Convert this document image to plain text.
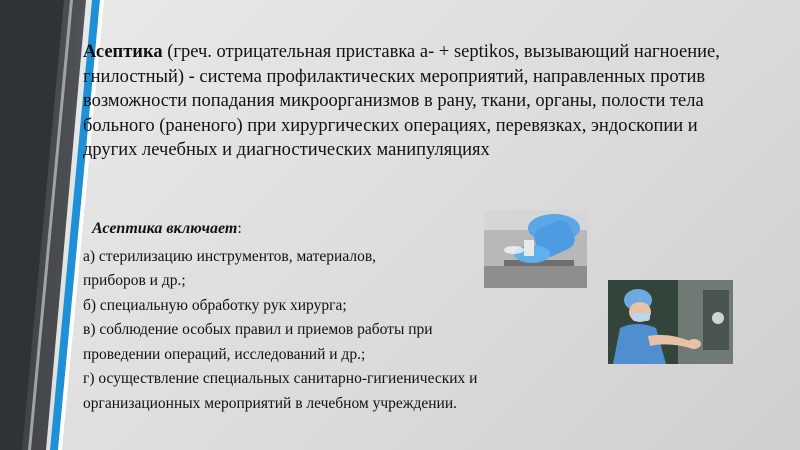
Асептика (греч. отрицательная приставка a- + septikos, вызывающий нагноение, гнилостный) - система профилактических мероприятий, направленных против возможности попадания микроорганизмов в рану, ткани, органы, полости тела больного (раненого) при хирургических операциях, перевязках, эндоскопии и других лечебных и диагностических манипуляциях
Асептика включает:
а) стерилизацию инструментов, материалов,
приборов и др.;
б) специальную обработку рук хирурга;
в) соблюдение особых правил и приемов работы при
проведении операций, исследований и др.;
г) осуществление специальных санитарно-гигиенических и
организационных мероприятий в лечебном учреждении.
